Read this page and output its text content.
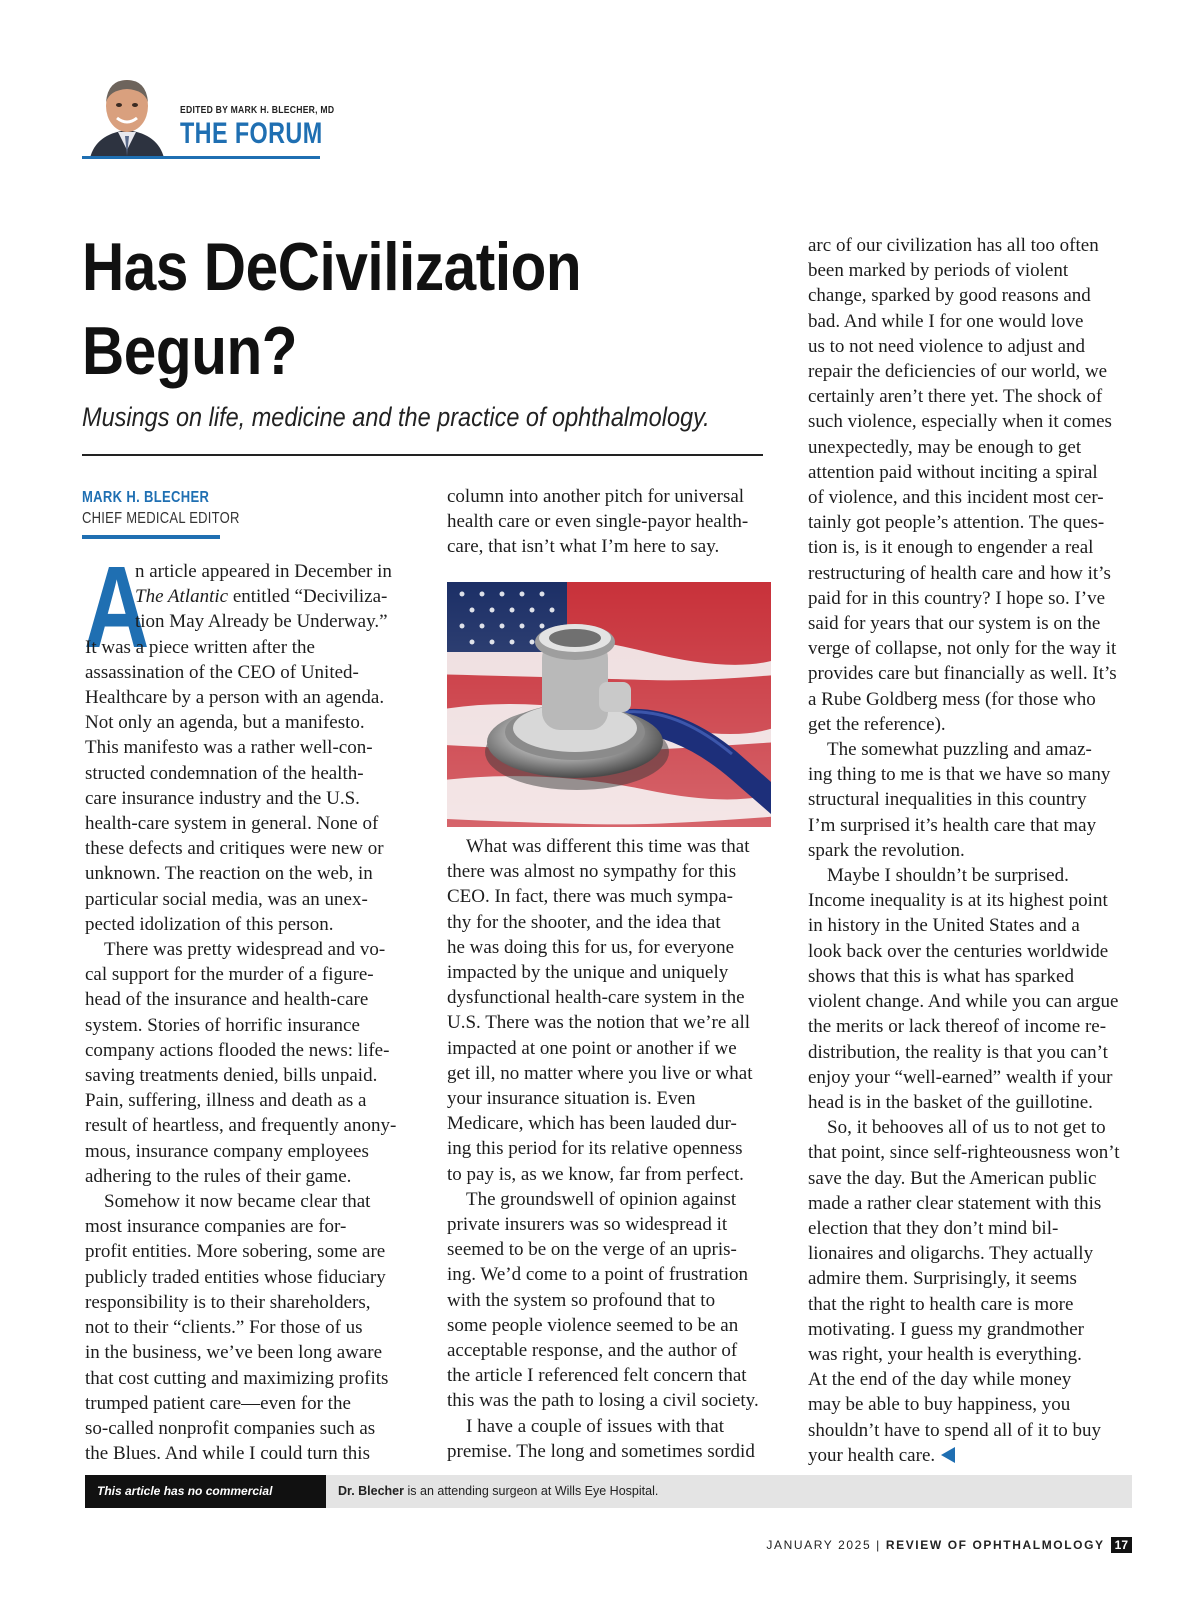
EDITED BY MARK H. BLECHER, MD
THE FORUM
Has DeCivilization
Begun?
Musings on life, medicine and the practice of ophthalmology.
MARK H. BLECHER
CHIEF MEDICAL EDITOR
A
n article appeared in December in
The Atlantic entitled “Deciviliza-
tion May Already be Underway.”
It was a piece written after the
assassination of the CEO of United-
Healthcare by a person with an agenda.
Not only an agenda, but a manifesto.
This manifesto was a rather well-con-
structed condemnation of the health-
care insurance industry and the U.S.
health-care system in general. None of
these defects and critiques were new or
unknown. The reaction on the web, in
particular social media, was an unex-
pected idolization of this person.
There was pretty widespread and vo-
cal support for the murder of a figure-
head of the insurance and health-care
system. Stories of horrific insurance
company actions flooded the news: life-
saving treatments denied, bills unpaid.
Pain, suffering, illness and death as a
result of heartless, and frequently anony-
mous, insurance company employees
adhering to the rules of their game.
Somehow it now became clear that
most insurance companies are for-
profit entities. More sobering, some are
publicly traded entities whose fiduciary
responsibility is to their shareholders,
not to their “clients.” For those of us
in the business, we’ve been long aware
that cost cutting and maximizing profits
trumped patient care—even for the
so-called nonprofit companies such as
the Blues. And while I could turn this
column into another pitch for universal
health care or even single-payor health-
care, that isn’t what I’m here to say.
What was different this time was that
there was almost no sympathy for this
CEO. In fact, there was much sympa-
thy for the shooter, and the idea that
he was doing this for us, for everyone
impacted by the unique and uniquely
dysfunctional health-care system in the
U.S. There was the notion that we’re all
impacted at one point or another if we
get ill, no matter where you live or what
your insurance situation is. Even
Medicare, which has been lauded dur-
ing this period for its relative openness
to pay is, as we know, far from perfect.
The groundswell of opinion against
private insurers was so widespread it
seemed to be on the verge of an upris-
ing. We’d come to a point of frustration
with the system so profound that to
some people violence seemed to be an
acceptable response, and the author of
the article I referenced felt concern that
this was the path to losing a civil society.
I have a couple of issues with that
premise. The long and sometimes sordid
arc of our civilization has all too often
been marked by periods of violent
change, sparked by good reasons and
bad. And while I for one would love
us to not need violence to adjust and
repair the deficiencies of our world, we
certainly aren’t there yet. The shock of
such violence, especially when it comes
unexpectedly, may be enough to get
attention paid without inciting a spiral
of violence, and this incident most cer-
tainly got people’s attention. The ques-
tion is, is it enough to engender a real
restructuring of health care and how it’s
paid for in this country? I hope so. I’ve
said for years that our system is on the
verge of collapse, not only for the way it
provides care but financially as well. It’s
a Rube Goldberg mess (for those who
get the reference).
The somewhat puzzling and amaz-
ing thing to me is that we have so many
structural inequalities in this country
I’m surprised it’s health care that may
spark the revolution.
Maybe I shouldn’t be surprised.
Income inequality is at its highest point
in history in the United States and a
look back over the centuries worldwide
shows that this is what has sparked
violent change. And while you can argue
the merits or lack thereof of income re-
distribution, the reality is that you can’t
enjoy your “well-earned” wealth if your
head is in the basket of the guillotine.
So, it behooves all of us to not get to
that point, since self-righteousness won’t
save the day. But the American public
made a rather clear statement with this
election that they don’t mind bil-
lionaires and oligarchs. They actually
admire them. Surprisingly, it seems
that the right to health care is more
motivating. I guess my grandmother
was right, your health is everything.
At the end of the day while money
may be able to buy happiness, you
shouldn’t have to spend all of it to buy
your health care.
This article has no commercial sponsorship.
Dr. Blecher is an attending surgeon at Wills Eye Hospital.
JANUARY 2025 | REVIEW OF OPHTHALMOLOGY 17
